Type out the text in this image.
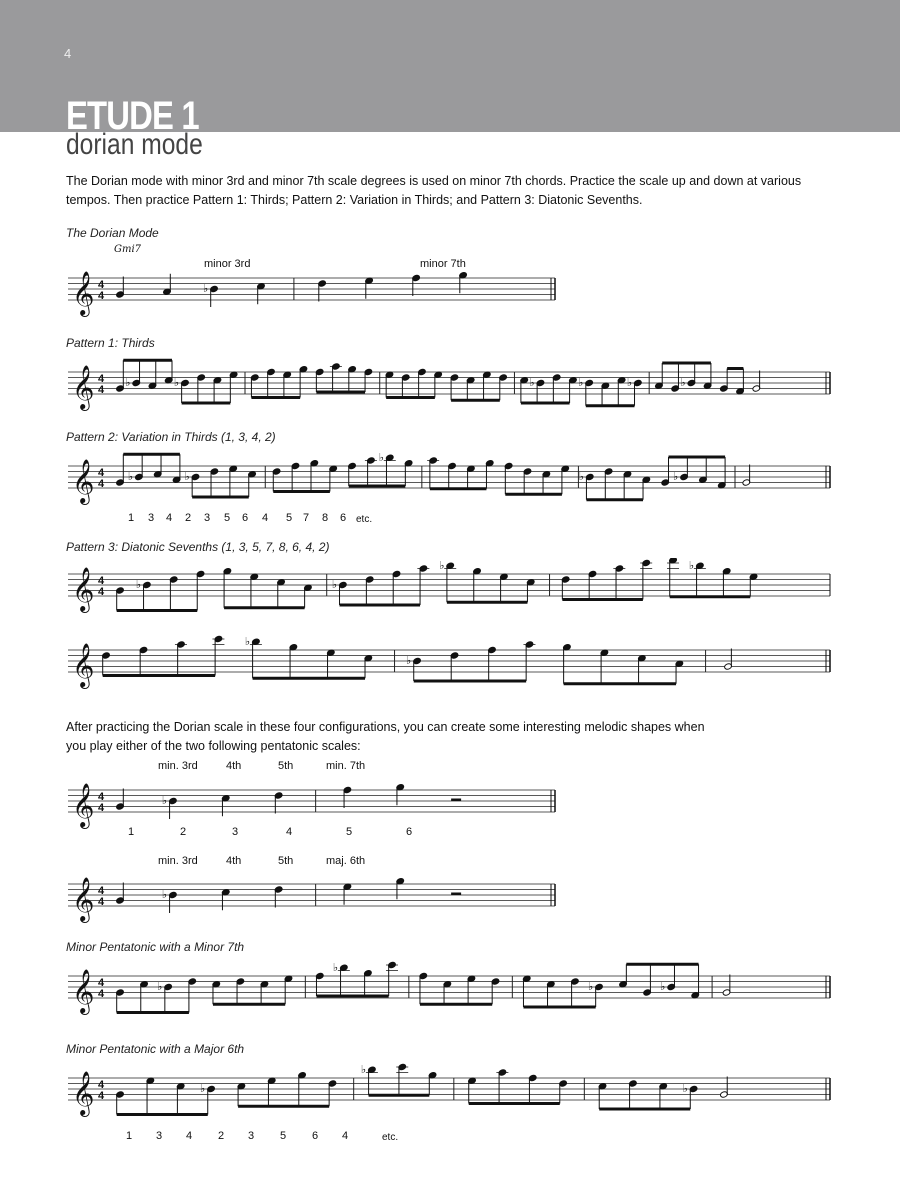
4
ETUDE 1
dorian mode
The Dorian mode with minor 3rd and minor 7th scale degrees is used on minor 7th chords. Practice the scale up and down at various tempos. Then practice Pattern 1: Thirds; Pattern 2: Variation in Thirds; and Pattern 3: Diatonic Sevenths.
The Dorian Mode
Gmi7
minor 3rd	minor 7th
𝄞 4
4
♭
Pattern 1: Thirds
𝄞 4
4
♭	♭	♭	♭	♭	♭
Pattern 2: Variation in Thirds (1, 3, 4, 2)
𝄞 4
4
♭	♭
♭
♭	♭
1 3 4 2 3 5 6 4 5 7 8 6 etc.
Pattern 3: Diatonic Sevenths (1, 3, 5, 7, 8, 6, 4, 2)
𝄞 4
4
♭	♭
♭	♭
𝄞
♭
♭
After practicing the Dorian scale in these four configurations, you can create some interesting melodic shapes when you play either of the two following pentatonic scales:
min. 3rd	4th	5th	min. 7th
𝄞 4
4
♭
1	2	3	4	5	6
min. 3rd	4th	5th	maj. 6th
𝄞 4
4
♭
Minor Pentatonic with a Minor 7th
𝄞 4
4
♭
♭
♭	♭
Minor Pentatonic with a Major 6th
𝄞 4
4
♭
♭
♭
1 3 4 2 3 5 6 4	etc.
